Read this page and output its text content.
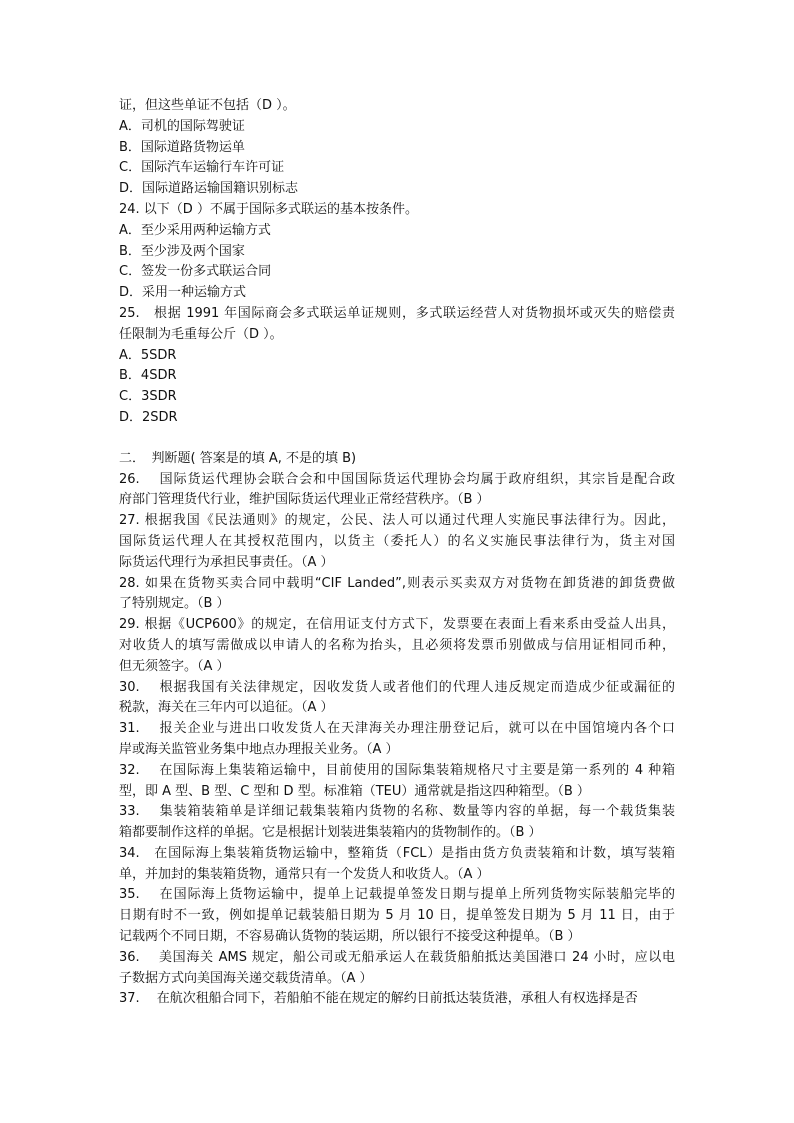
证，但这些单证不包括（D ）。
A．司机的国际驾驶证
B．国际道路货物运单
C．国际汽车运输行车许可证
D．国际道路运输国籍识别标志
24. 以下（D ）不属于国际多式联运的基本按条件。
A．至少采用两种运输方式
B．至少涉及两个国家
C．签发一份多式联运合同
D．采用一种运输方式
25.　根据 1991 年国际商会多式联运单证规则，多式联运经营人对货物损坏或灭失的赔偿责
任限制为毛重每公斤（D ）。
A．5SDR
B．4SDR
C．3SDR
D．2SDR
二．　判断题( 答案是的填 A, 不是的填 B)
26.　 国际货运代理协会联合会和中国国际货运代理协会均属于政府组织，其宗旨是配合政
府部门管理货代行业，维护国际货运代理业正常经营秩序。（B ）
27. 根据我国《民法通则》的规定，公民、法人可以通过代理人实施民事法律行为。因此，
国际货运代理人在其授权范围内，以货主（委托人）的名义实施民事法律行为，货主对国
际货运代理行为承担民事责任。（A ）
28. 如果在货物买卖合同中载明“CIF Landed”,则表示买卖双方对货物在卸货港的卸货费做
了特别规定。（B ）
29. 根据《UCP600》的规定，在信用证支付方式下，发票要在表面上看来系由受益人出具，
对收货人的填写需做成以申请人的名称为抬头，且必须将发票币别做成与信用证相同币种，
但无须签字。（A ）
30.　 根据我国有关法律规定，因收发货人或者他们的代理人违反规定而造成少征或漏征的
税款，海关在三年内可以追征。（A ）
31.　 报关企业与进出口收发货人在天津海关办理注册登记后，就可以在中国馆境内各个口
岸或海关监管业务集中地点办理报关业务。（A ）
32.　 在国际海上集装箱运输中，目前使用的国际集装箱规格尺寸主要是第一系列的 4 种箱
型，即 A 型、B 型、C 型和 D 型。标准箱（TEU）通常就是指这四种箱型。（B ）
33.　 集装箱装箱单是详细记载集装箱内货物的名称、数量等内容的单据，每一个载货集装
箱都要制作这样的单据。它是根据计划装进集装箱内的货物制作的。（B ）
34.　在国际海上集装箱货物运输中，整箱货（FCL）是指由货方负责装箱和计数，填写装箱
单，并加封的集装箱货物，通常只有一个发货人和收货人。（A ）
35.　 在国际海上货物运输中，提单上记载提单签发日期与提单上所列货物实际装船完毕的
日期有时不一致，例如提单记载装船日期为 5 月 10 日，提单签发日期为 5 月 11 日，由于
记载两个不同日期，不容易确认货物的装运期，所以银行不接受这种提单。（B ）
36.　 美国海关 AMS 规定，船公司或无船承运人在载货船舶抵达美国港口 24 小时，应以电
子数据方式向美国海关递交载货清单。（A ）
37.　 在航次租船合同下，若船舶不能在规定的解约日前抵达装货港，承租人有权选择是否
